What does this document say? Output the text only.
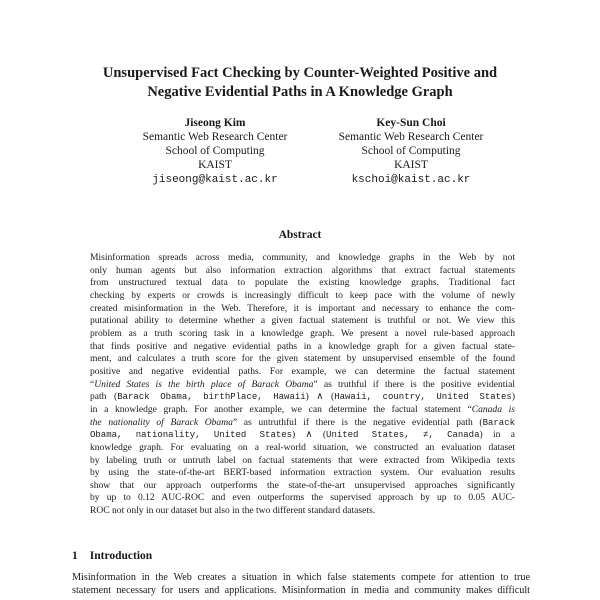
Unsupervised Fact Checking by Counter-Weighted Positive and
Negative Evidential Paths in A Knowledge Graph
Jiseong Kim
Semantic Web Research Center
School of Computing
KAIST
jiseong@kaist.ac.kr
Key-Sun Choi
Semantic Web Research Center
School of Computing
KAIST
kschoi@kaist.ac.kr
Abstract
Misinformation spreads across media, community, and knowledge graphs in the Web by not
only human agents but also information extraction algorithms that extract factual statements
from unstructured textual data to populate the existing knowledge graphs. Traditional fact
checking by experts or crowds is increasingly difficult to keep pace with the volume of newly
created misinformation in the Web. Therefore, it is important and necessary to enhance the com-
putational ability to determine whether a given factual statement is truthful or not. We view this
problem as a truth scoring task in a knowledge graph. We present a novel rule-based approach
that finds positive and negative evidential paths in a knowledge graph for a given factual state-
ment, and calculates a truth score for the given statement by unsupervised ensemble of the found
positive and negative evidential paths. For example, we can determine the factual statement
“United States is the birth place of Barack Obama” as truthful if there is the positive evidential
path (Barack Obama, birthPlace, Hawaii) ∧ (Hawaii, country, United States)
in a knowledge graph. For another example, we can determine the factual statement “Canada is
the nationality of Barack Obama” as untruthful if there is the negative evidential path (Barack
Obama, nationality, United States) ∧ (United States, ≠, Canada) in a
knowledge graph. For evaluating on a real-world situation, we constructed an evaluation dataset
by labeling truth or untruth label on factual statements that were extracted from Wikipedia texts
by using the state-of-the-art BERT-based information extraction system. Our evaluation results
show that our approach outperforms the state-of-the-art unsupervised approaches significantly
by up to 0.12 AUC-ROC and even outperforms the supervised approach by up to 0.05 AUC-
ROC not only in our dataset but also in the two different standard datasets.
1 Introduction
Misinformation in the Web creates a situation in which false statements compete for attention to true
statement necessary for users and applications. Misinformation in media and community makes difficult
